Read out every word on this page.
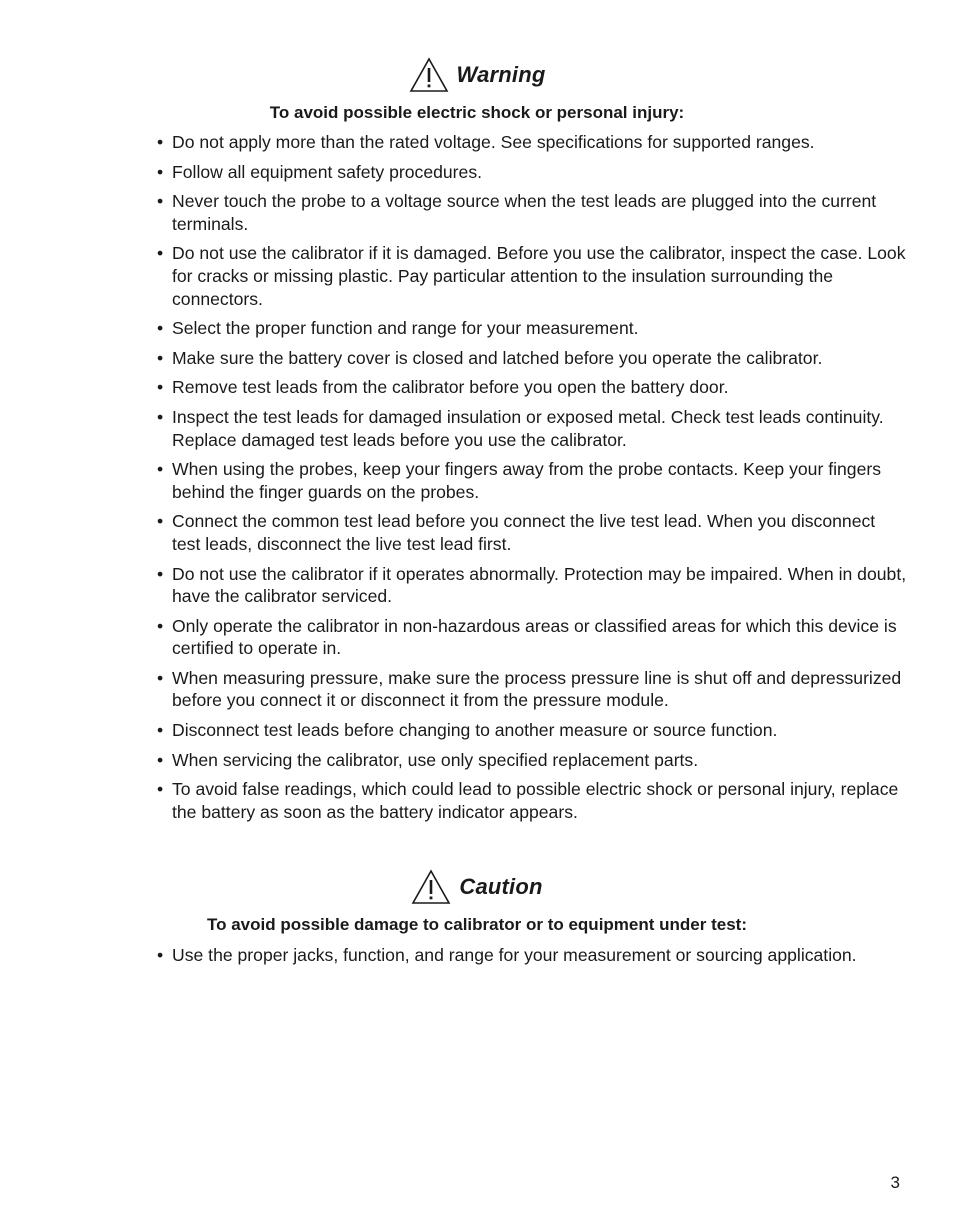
Warning
To avoid possible electric shock or personal injury:
• Do not apply more than the rated voltage. See specifications for supported ranges.
• Follow all equipment safety procedures.
• Never touch the probe to a voltage source when the test leads are plugged into the current terminals.
• Do not use the calibrator if it is damaged. Before you use the calibrator, inspect the case. Look for cracks or missing plastic. Pay particular attention to the insulation surrounding the connectors.
• Select the proper function and range for your measurement.
• Make sure the battery cover is closed and latched before you operate the calibrator.
• Remove test leads from the calibrator before you open the battery door.
• Inspect the test leads for damaged insulation or exposed metal. Check test leads continuity. Replace damaged test leads before you use the calibrator.
• When using the probes, keep your fingers away from the probe contacts. Keep your fingers behind the finger guards on the probes.
• Connect the common test lead before you connect the live test lead. When you disconnect test leads, disconnect the live test lead first.
• Do not use the calibrator if it operates abnormally. Protection may be impaired. When in doubt, have the calibrator serviced.
• Only operate the calibrator in non-hazardous areas or classified areas for which this device is certified to operate in.
• When measuring pressure, make sure the process pressure line is shut off and depressurized before you connect it or disconnect it from the pressure module.
• Disconnect test leads before changing to another measure or source function.
• When servicing the calibrator, use only specified replacement parts.
• To avoid false readings, which could lead to possible electric shock or personal injury, replace the battery as soon as the battery indicator appears.
Caution
To avoid possible damage to calibrator or to equipment under test:
• Use the proper jacks, function, and range for your measurement or sourcing application.
3
